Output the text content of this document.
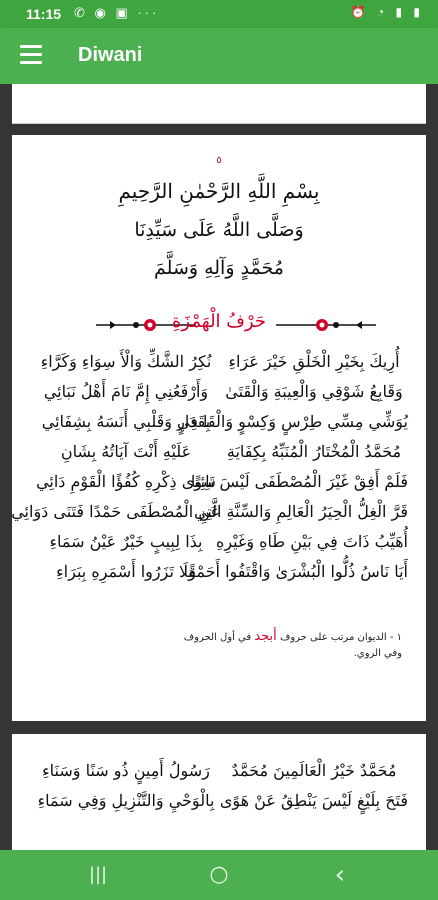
11:15 ✆ ◉ ▣ ···	⏰ ◔ ▮ ▮
Diwani
٥
بِسْمِ اللَّهِ الرَّحْمٰنِ الرَّحِيمِ
وَصَلَّى اللَّهُ عَلَى سَيِّدِنَا
مُحَمَّدٍ وَآلِهِ وَسَلَّمَ
حَرْفُ الْهَمْزَةِ
أُرِيكَ بِخَيْرِ الْخَلْقِ خَيْرَ عَرَاءِ
نُكِرُ الشَّكِّ وَالْأَ سِوَاءِ وَكَرَّاءِ
وَقَابِعُ شَوْقِي وَالْعِيبَةِ وَالْقَتَىٰ
وَأَرْفَعُنِي إِمَّ نَامَ أَهْلُ نَبَائِي
يُوَشِّي مِسِّي طِرْسٍ وَكِسْوٍ وَالْقَا فِي
بِقَدَارٍ وَقَلْبِي أَنَسَهُ بِشِفَائِي
مُحَمَّدُ الْمُخْتَارُ الْمُنَبِّهُ بِكِفَايَةِ
عَلَيْهِ أَنْتَ آيَاتُهُ بِشَانِ
فَلَمْ أَفِقْ غَيْرَ الْمُصْطَفَى لَيْسَ تَائِبًا
سِوَى ذِكْرِهِ كُفُؤًا الْقَوْمِ دَائِي
قَرَّ الْغِلُّ الْحِيَرُ الْعَالِمِ وَالسِّنَّةِ الَّتِي
عَنِ الْمُصْطَفَى حَمْدًا فَتَنَى دَوَائِي
أُهَيِّبُ ذَاتَ فِي بَيْنِ طَاهِ وَغَيْرِهِ
بِذَا لِبِيبٍ خَيْرٌ عَيْنُ سَمَاءِ
أَيَا نَاسُ ذُلُّوا الْبُشْرَىٰ وَاقْتَفُوا أَحَمْقًا
وَلَا تَزَرُوا أَسْمَرِهِ بِبَرَاءِ
١ - الديوان مرتب على حروف أبجد في أول الحروف
وفي الروي.
مُحَمَّدٌ خَيْرُ الْعَالَمِينَ مُحَمَّدٌ
رَسُولُ أَمِينٍ ذُو سَنًا وَسَنَاءِ
فَتَحَ بِلَيْغٍ لَيْسَ يَنْطِقُ عَنْ هَوًى
بِالْوَحْيِ وَالتَّنْزِيلِ وَفِي سَمَاءِ
|||	○	‹
